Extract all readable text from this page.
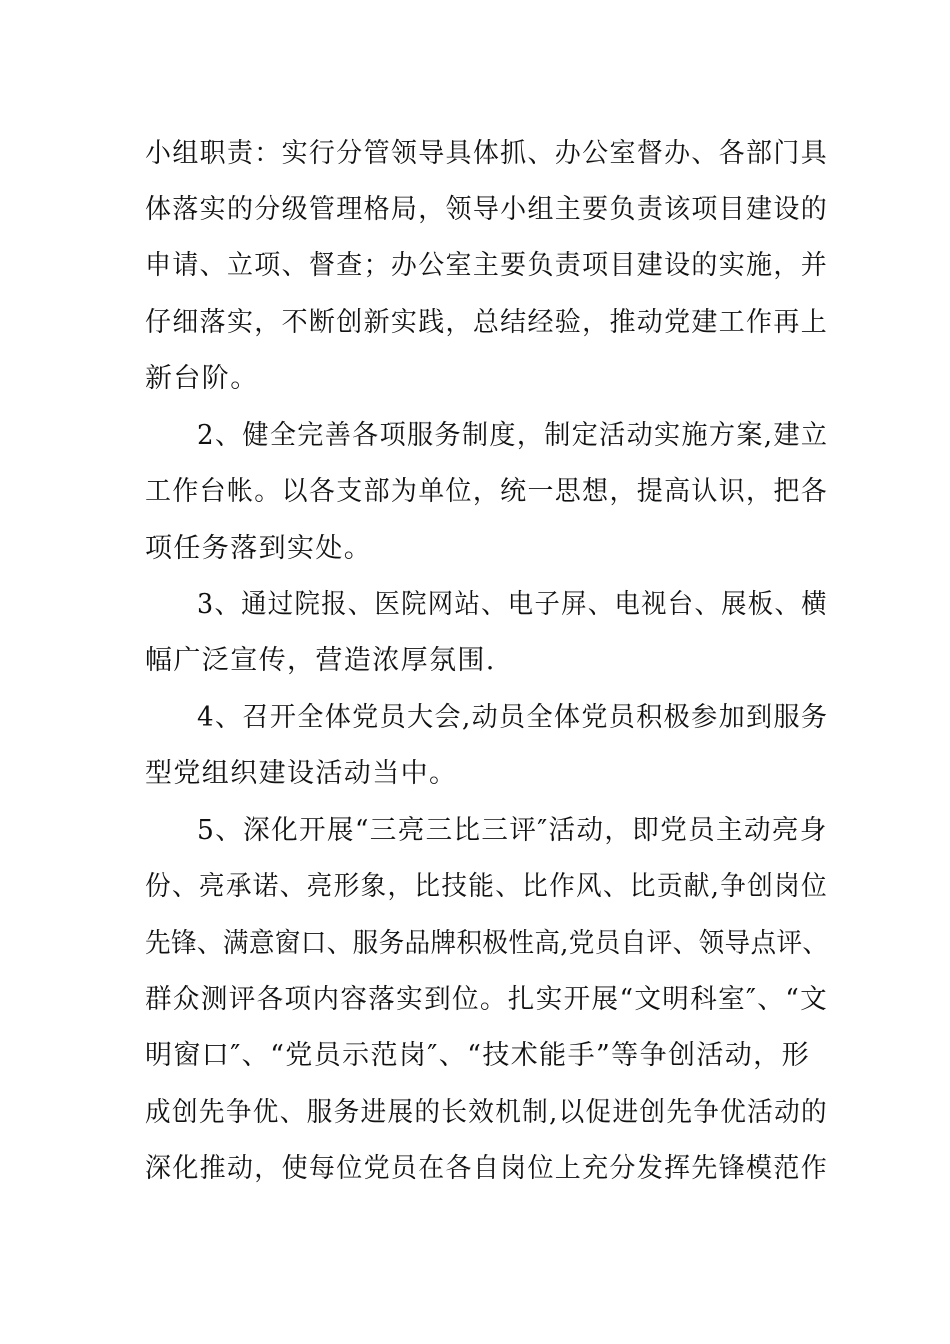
小组职责：实行分管领导具体抓、办公室督办、各部门具
体落实的分级管理格局，领导小组主要负责该项目建设的
申请、立项、督查；办公室主要负责项目建设的实施，并
仔细落实，不断创新实践，总结经验，推动党建工作再上
新台阶。
2、健全完善各项服务制度，制定活动实施方案,建立
工作台帐。以各支部为单位，统一思想，提高认识，把各
项任务落到实处。
3、通过院报、医院网站、电子屏、电视台、展板、横
幅广泛宣传，营造浓厚氛围.
4、召开全体党员大会,动员全体党员积极参加到服务
型党组织建设活动当中。
5、深化开展“三亮三比三评″活动，即党员主动亮身
份、亮承诺、亮形象，比技能、比作风、比贡献,争创岗位
先锋、满意窗口、服务品牌积极性高,党员自评、领导点评、
群众测评各项内容落实到位。扎实开展“文明科室″、“文
明窗口″、“党员示范岗″、“技术能手”等争创活动，形
成创先争优、服务进展的长效机制,以促进创先争优活动的
深化推动，使每位党员在各自岗位上充分发挥先锋模范作
